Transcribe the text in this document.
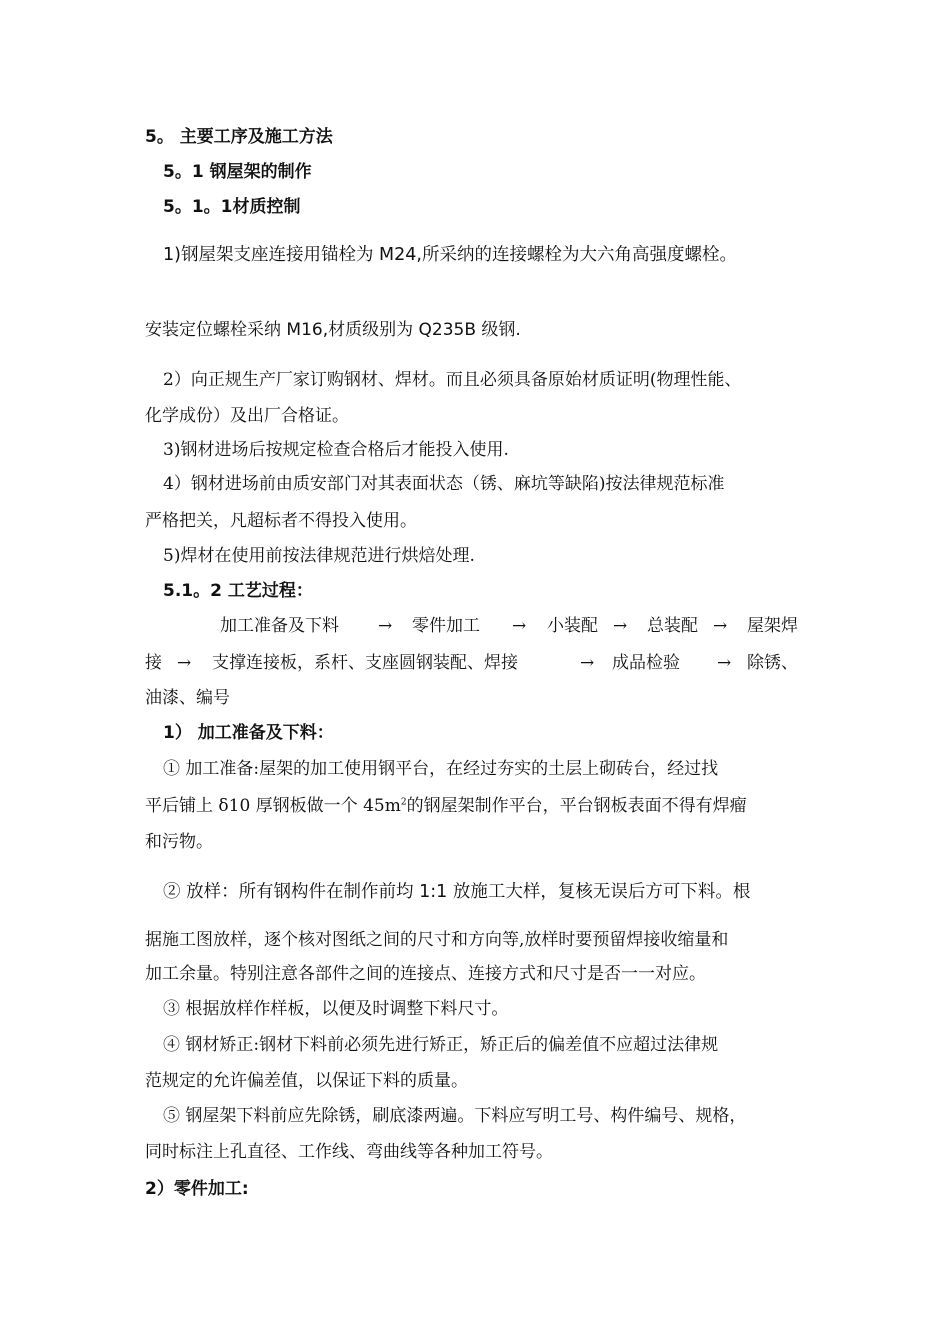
5。 主要工序及施工方法
5。1 钢屋架的制作
5。1。1材质控制
1)钢屋架支座连接用锚栓为 M24,所采纳的连接螺栓为大六角高强度螺栓。
安装定位螺栓采纳 M16,材质级别为 Q235B 级钢.
2）向正规生产厂家订购钢材、焊材。而且必须具备原始材质证明(物理性能、
化学成份）及出厂合格证。
3)钢材进场后按规定检查合格后才能投入使用.
4）钢材进场前由质安部门对其表面状态（锈、麻坑等缺陷)按法律规范标准
严格把关，凡超标者不得投入使用。
5)焊材在使用前按法律规范进行烘焙处理.
5.1。2 工艺过程：
加工准备及下料 → 零件加工 → 小装配 → 总装配 → 屋架焊
接 → 支撑连接板，系杆、支座圆钢装配、焊接	→ 成品检验 → 除锈、
油漆、编号
1） 加工准备及下料：
① 加工准备:屋架的加工使用钢平台，在经过夯实的土层上砌砖台，经过找
平后铺上 δ10 厚钢板做一个 $45m^2$的钢屋架制作平台，平台钢板表面不得有焊瘤
和污物。
② 放样：所有钢构件在制作前均 1:1 放施工大样，复核无误后方可下料。根
据施工图放样，逐个核对图纸之间的尺寸和方向等,放样时要预留焊接收缩量和
加工余量。特别注意各部件之间的连接点、连接方式和尺寸是否一一对应。
③ 根据放样作样板，以便及时调整下料尺寸。
④ 钢材矫正:钢材下料前必须先进行矫正，矫正后的偏差值不应超过法律规
范规定的允许偏差值，以保证下料的质量。
⑤ 钢屋架下料前应先除锈，刷底漆两遍。下料应写明工号、构件编号、规格，
同时标注上孔直径、工作线、弯曲线等各种加工符号。
2）零件加工:
